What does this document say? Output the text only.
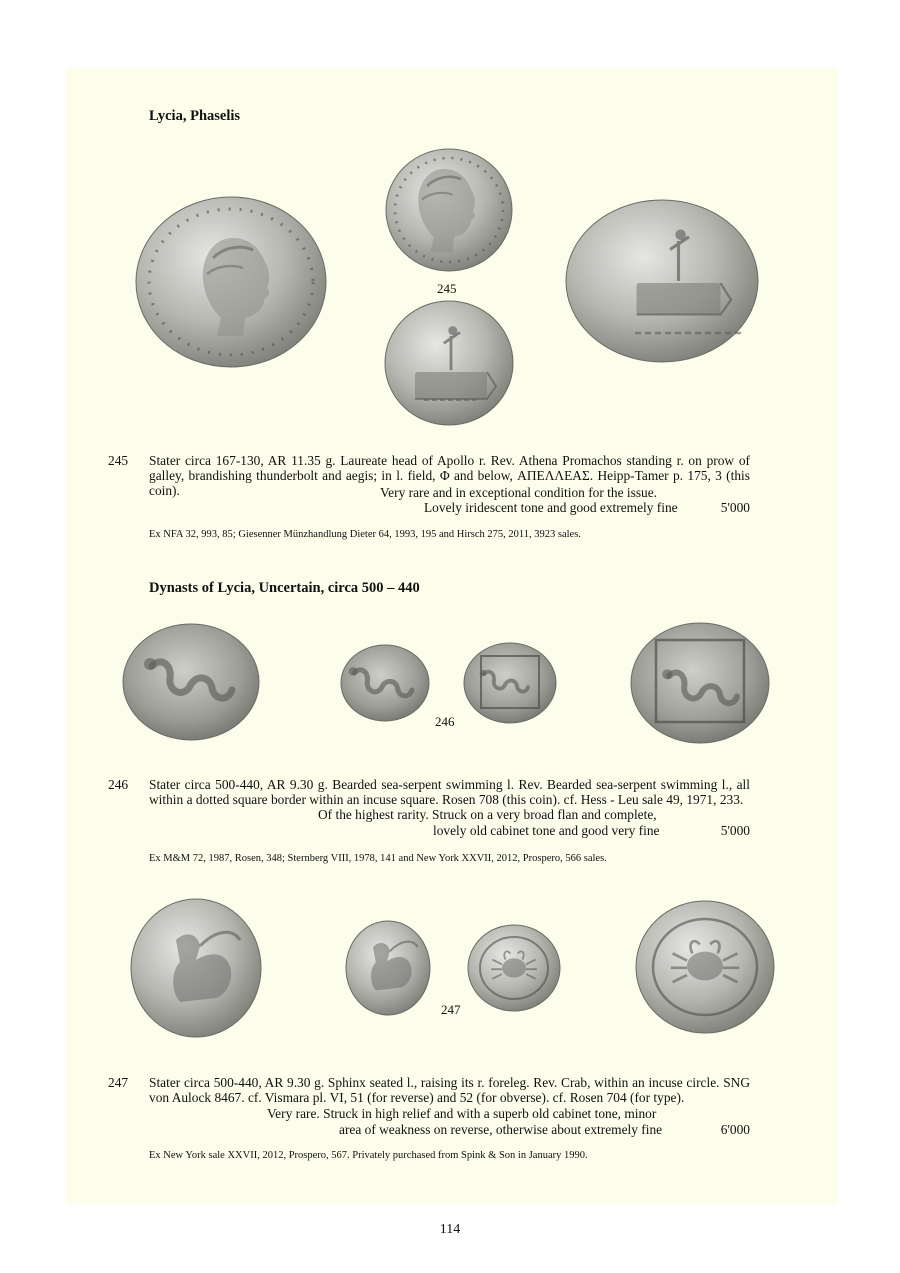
Lycia, Phaselis
245
245 Stater circa 167-130, AR 11.35 g. Laureate head of Apollo r. Rev. Athena Promachos standing r. on prow of galley, brandishing thunderbolt and aegis; in l. field, Φ and below, ΑΠΕΛΛΕΑΣ. Heipp-Tamer p. 175, 3 (this coin).	Very rare and in exceptional condition for the issue.
Lovely iridescent tone and good extremely fine	5'000
Ex NFA 32, 993, 85; Giesenner Münzhandlung Dieter 64, 1993, 195 and Hirsch 275, 2011, 3923 sales.
Dynasts of Lycia, Uncertain, circa 500 – 440
246
246 Stater circa 500-440, AR 9.30 g. Bearded sea-serpent swimming l. Rev. Bearded sea-serpent swimming l., all within a dotted square border within an incuse square. Rosen 708 (this coin). cf. Hess - Leu sale 49, 1971, 233.
Of the highest rarity. Struck on a very broad flan and complete,
lovely old cabinet tone and good very fine	5'000
Ex M&M 72, 1987, Rosen, 348; Sternberg VIII, 1978, 141 and New York XXVII, 2012, Prospero, 566 sales.
247
247 Stater circa 500-440, AR 9.30 g. Sphinx seated l., raising its r. foreleg. Rev. Crab, within an incuse circle. SNG von Aulock 8467. cf. Vismara pl. VI, 51 (for reverse) and 52 (for obverse). cf. Rosen 704 (for type).
Very rare. Struck in high relief and with a superb old cabinet tone, minor
area of weakness on reverse, otherwise about extremely fine	6'000
Ex New York sale XXVII, 2012, Prospero, 567. Privately purchased from Spink & Son in January 1990.
114
